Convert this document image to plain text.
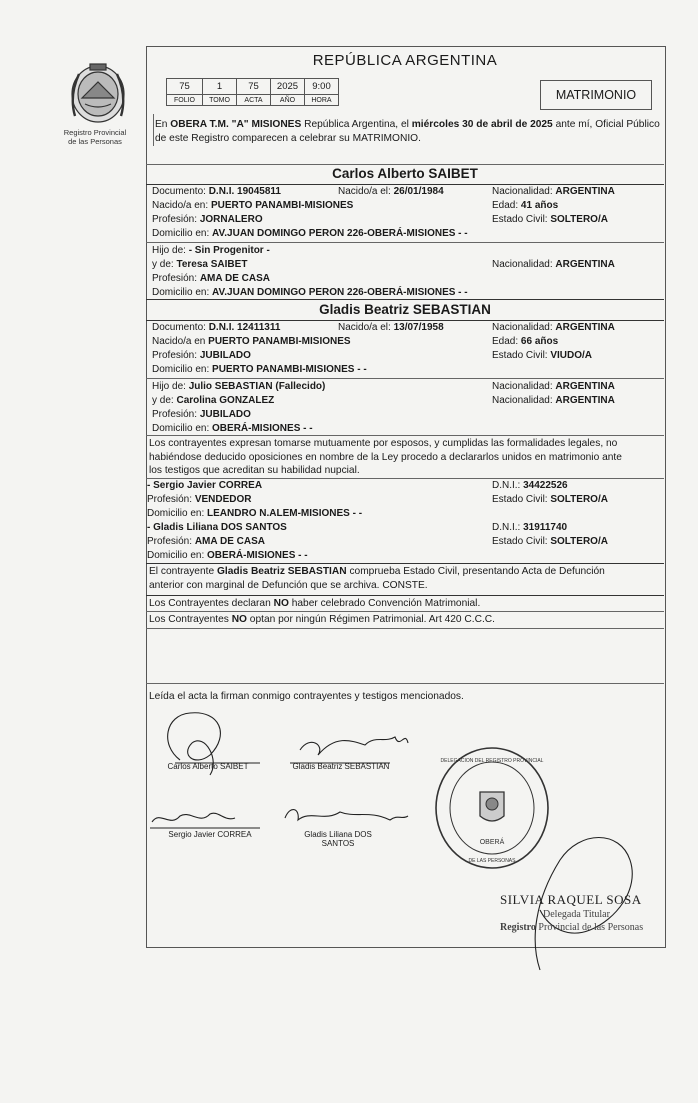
Registro Provincial
de las Personas
REPÚBLICA ARGENTINA
75	1	75	2025	9:00
FOLIO	TOMO	ACTA	AÑO	HORA	MATRIMONIO
En OBERA T.M. "A" MISIONES República Argentina, el miércoles 30 de abril de 2025 ante mí, Oficial Público de este Registro comparecen a celebrar su MATRIMONIO.
Carlos Alberto SAIBET
Documento: D.N.I. 19045811	Nacido/a el: 26/01/1984	Nacionalidad: ARGENTINA
Nacido/a en: PUERTO PANAMBI-MISIONES	Edad: 41 años
Profesión: JORNALERO	Estado Civil: SOLTERO/A
Domicilio en: AV.JUAN DOMINGO PERON 226-OBERÁ-MISIONES - -
Hijo de: - Sin Progenitor -
y de: Teresa SAIBET	Nacionalidad: ARGENTINA
Profesión: AMA DE CASA
Domicilio en: AV.JUAN DOMINGO PERON 226-OBERÁ-MISIONES - -
Gladis Beatriz SEBASTIAN
Documento: D.N.I. 12411311	Nacido/a el: 13/07/1958	Nacionalidad: ARGENTINA
Nacido/a en PUERTO PANAMBI-MISIONES	Edad: 66 años
Profesión: JUBILADO	Estado Civil: VIUDO/A
Domicilio en: PUERTO PANAMBI-MISIONES - -
Hijo de: Julio SEBASTIAN (Fallecido)	Nacionalidad: ARGENTINA
y de: Carolina GONZALEZ	Nacionalidad: ARGENTINA
Profesión: JUBILADO
Domicilio en: OBERÁ-MISIONES - -
Los contrayentes expresan tomarse mutuamente por esposos, y cumplidas las formalidades legales, no
habiéndose deducido oposiciones en nombre de la Ley procedo a declararlos unidos en matrimonio ante
los testigos que acreditan su habilidad nupcial.
- Sergio Javier CORREA	D.N.I.: 34422526
Profesión: VENDEDOR	Estado Civil: SOLTERO/A
Domicilio en: LEANDRO N.ALEM-MISIONES - -
- Gladis Liliana DOS SANTOS	D.N.I.: 31911740
Profesión: AMA DE CASA	Estado Civil: SOLTERO/A
Domicilio en: OBERÁ-MISIONES - -
El contrayente Gladis Beatriz SEBASTIAN comprueba Estado Civil, presentando Acta de Defunción
anterior con marginal de Defunción que se archiva. CONSTE.
Los Contrayentes declaran NO haber celebrado Convención Matrimonial.
Los Contrayentes NO optan por ningún Régimen Patrimonial. Art 420 C.C.C.
Leída el acta la firman conmigo contrayentes y testigos mencionados.
Carlos Alberto SAIBET	Gladis Beatriz SEBASTIAN
Sergio Javier CORREA	Gladis Liliana DOS
SANTOS	OBERÁ
DELEGACION DEL REGISTRO PROVINCIAL
DE LAS PERSONAS
SILVIA RAQUEL SOSA
Delegada Titular
Registro Provincial de las Personas
